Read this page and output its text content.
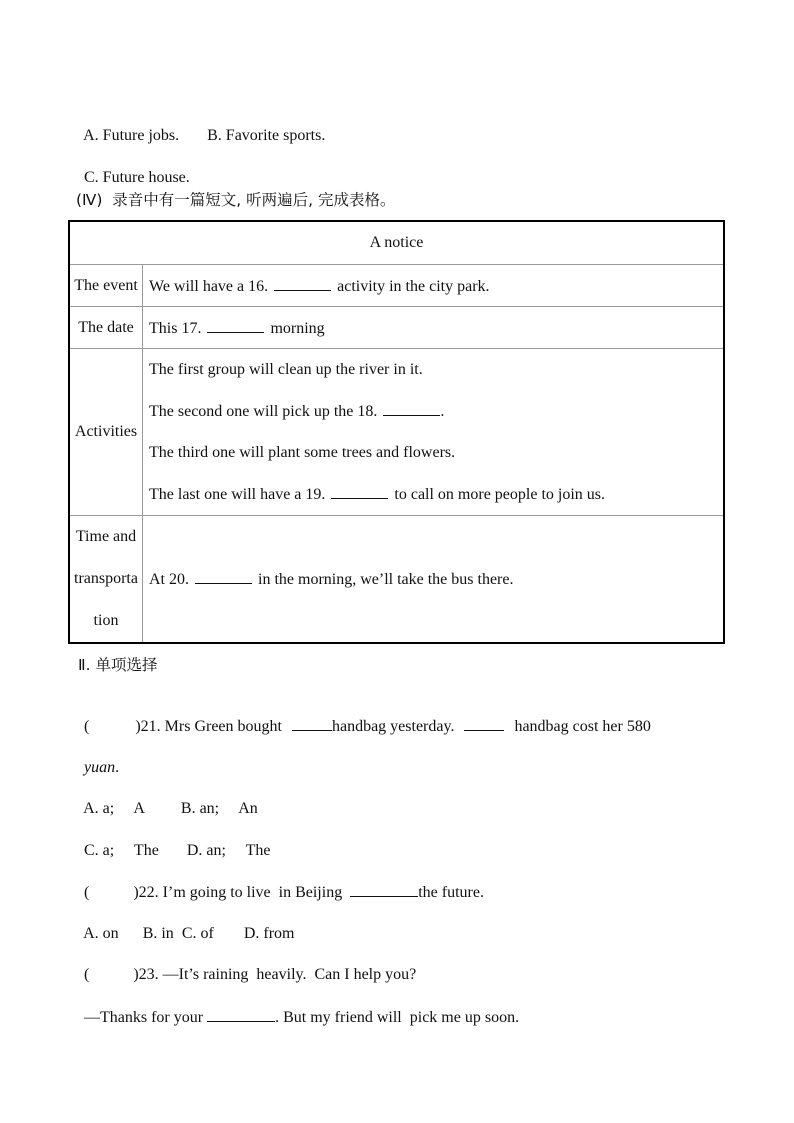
A. Future jobs. B. Favorite sports.

C. Future house.

(Ⅳ)  录音中有一篇短文, 听两遍后, 完成表格。
A notice	
The event	We will have a 16. activity in the city park.
The date	This 17. morning
Activities	The first group will clean up the river in it.
The second one will pick up the 18. .
The third one will plant some trees and flowers.
The last one will have a 19. to call on more people to join us.

Time and
transporta
tion	At 20. in the morning, we’ll take the bus there.
Ⅱ. 单项选择

(	)21. Mrs Green bought	handbag yesterday.	handbag cost her 580

yuan.

A. a;     A B. an;     An

C. a;     The D. an;     The

(	)22. I’m going to live  in Beijing	the future.

A. on B. in C. of D. from

(	)23. —It’s raining  heavily.  Can I help you?

—Thanks for your	. But my friend will  pick me up soon.
